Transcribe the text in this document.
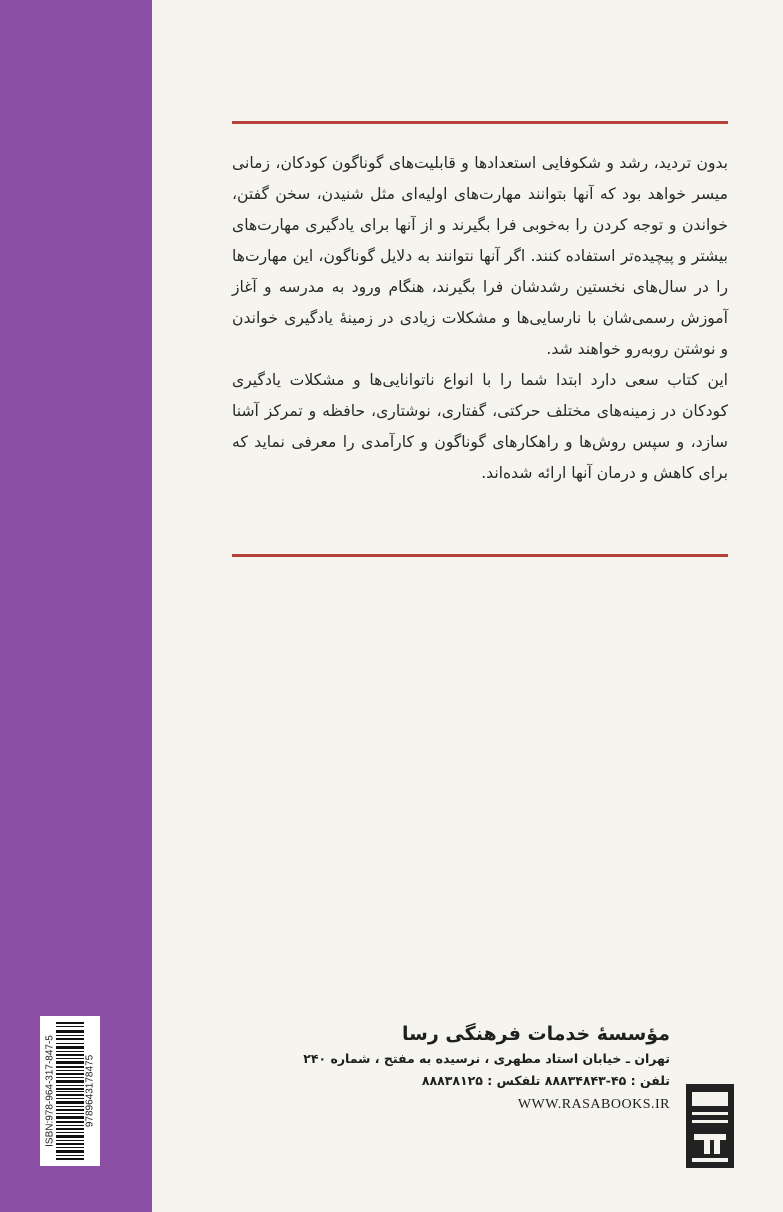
بدون تردید، رشد و شکوفایی استعدادها و قابلیت‌های گوناگون کودکان، زمانی میسر خواهد بود که آنها بتوانند مهارت‌های اولیه‌ای مثل شنیدن، سخن گفتن، خواندن و توجه کردن را به‌خوبی فرا بگیرند و از آنها برای یادگیری مهارت‌های بیشتر و پیچیده‌تر استفاده کنند. اگر آنها نتوانند به دلایل گوناگون، این مهارت‌ها را در سال‌های نخستین رشدشان فرا بگیرند، هنگام ورود به مدرسه و آغاز آموزش رسمی‌شان با نارسایی‌ها و مشکلات زیادی در زمینهٔ یادگیری خواندن و نوشتن روبه‌رو خواهند شد.

این کتاب سعی دارد ابتدا شما را با انواع ناتوانایی‌ها و مشکلات یادگیری کودکان در زمینه‌های مختلف حرکتی، گفتاری، نوشتاری، حافظه و تمرکز آشنا سازد، و سپس روش‌ها و راهکارهای گوناگون و کارآمدی را معرفی نماید که برای کاهش و درمان آنها ارائه شده‌اند.

ISBN:978-964-317-847-5	9789643178475

مؤسسهٔ خدمات فرهنگی رسا

تهران ـ خیابان استاد مطهری ، نرسیده به مفتح ، شماره ۲۴۰

تلفن : ۴۵-۸۸۸۳۴۸۴۳ تلفکس : ۸۸۸۳۸۱۲۵

WWW.RASABOOKS.IR
